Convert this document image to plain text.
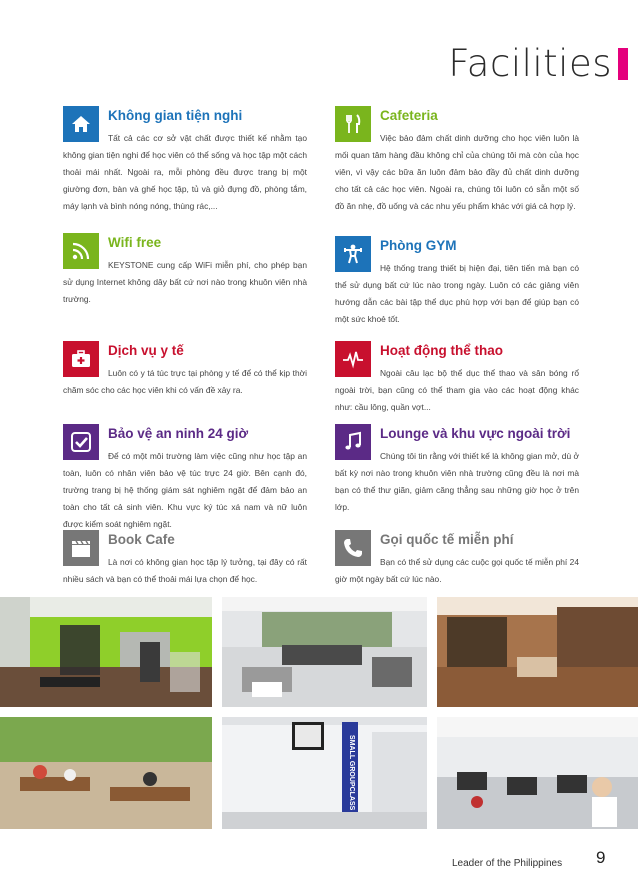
Facilities
Không gian tiện nghi
Tất cả các cơ sở vật chất được thiết kế nhằm tạo không gian tiện nghi để học viên có thể sống và học tập một cách thoải mái nhất. Ngoài ra, mỗi phòng đều được trang bị một giường đơn, bàn và ghế học tập, tủ và giỏ đựng đồ, phòng tắm, máy lạnh và bình nóng nóng, thùng rác,...
Cafeteria
Việc bảo đảm chất dinh dưỡng cho học viên luôn là mối quan tâm hàng đầu không chỉ của chúng tôi mà còn của học viên, vì vậy các bữa ăn luôn đảm bảo đầy đủ chất dinh dưỡng cho tất cả các học viên. Ngoài ra, chúng tôi luôn có sẵn một số đồ ăn nhẹ, đồ uống và các nhu yếu phẩm khác với giá cả hợp lý.
Wifi free
KEYSTONE cung cấp WiFi miễn phí, cho phép bạn sử dụng Internet không dây bất cứ nơi nào trong khuôn viên nhà trường.
Phòng GYM
Hệ thống trang thiết bị hiện đại, tiên tiến mà bạn có thể sử dụng bất cứ lúc nào trong ngày. Luôn có các giảng viên hướng dẫn các bài tập thể dục phù hợp với bạn để giúp bạn có một sức khoẻ tốt.
Dịch vụ y tế
Luôn có y tá túc trực tại phòng y tế để có thể kịp thời chăm sóc cho các học viên khi có vấn đề xảy ra.
Hoạt động thể thao
Ngoài câu lạc bộ thể dục thể thao và sân bóng rổ ngoài trời, bạn cũng có thể tham gia vào các hoạt động khác như: cầu lông, quần vợt...
Bảo vệ an ninh 24 giờ
Để có một môi trường làm việc cũng như học tập an toàn, luôn có nhân viên bảo vệ túc trực 24 giờ. Bên cạnh đó, trường trang bị hệ thống giám sát nghiêm ngặt để đảm bảo an toàn cho tất cả sinh viên. Khu vực ký túc xá nam và nữ luôn được kiểm soát nghiêm ngặt.
Lounge và khu vực ngoài trời
Chúng tôi tin rằng với thiết kế là không gian mở, dù ở bất kỳ nơi nào trong khuôn viên nhà trường cũng đều là nơi mà bạn có thể thư giãn, giảm căng thẳng sau những giờ học ở trên lớp.
Book Cafe
Là nơi có không gian học tập lý tưởng, tại đây có rất nhiều sách và bạn có thể thoải mái lựa chọn để học.
Gọi quốc tế miễn phí
Bạn có thể sử dụng các cuộc gọi quốc tế miễn phí 24 giờ một ngày bất cứ lúc nào.
SMALL GROUPCLASS
Leader of the Philippines 9
